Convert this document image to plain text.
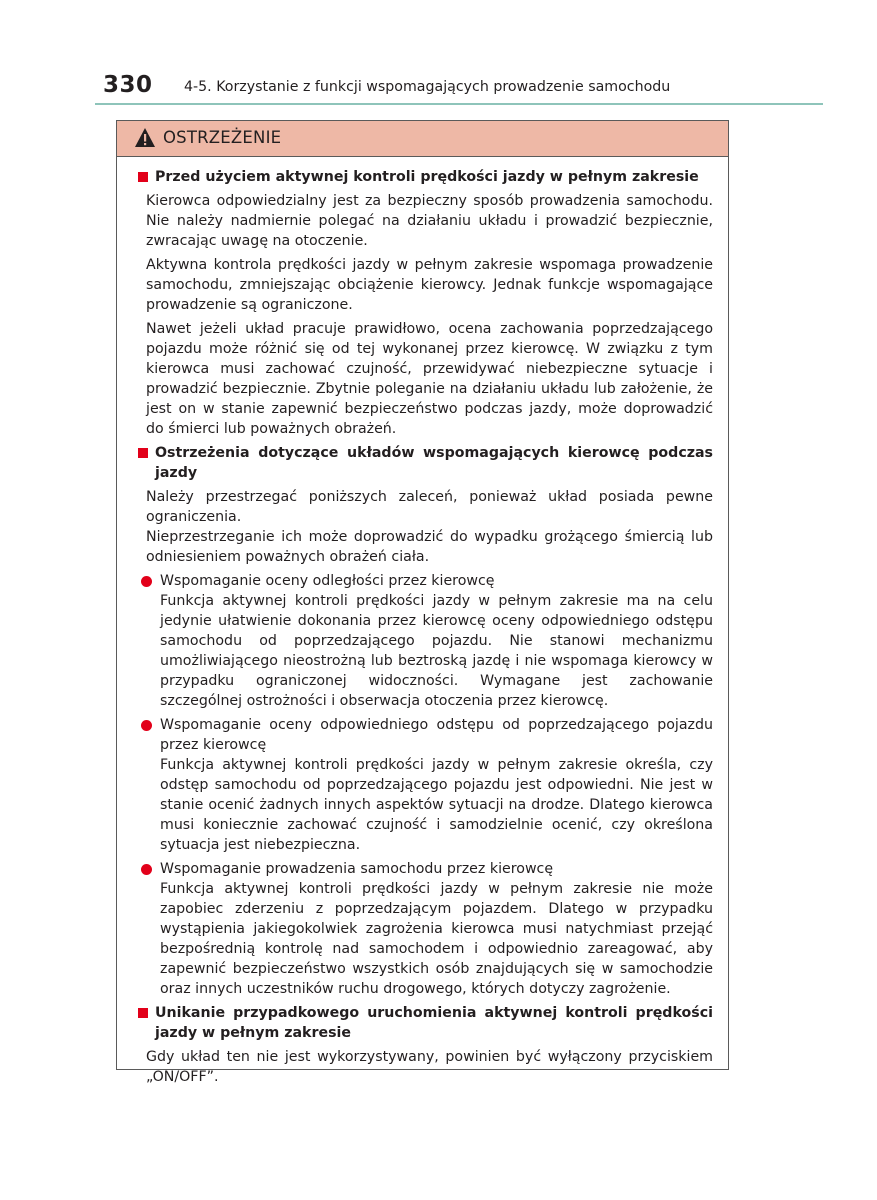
330 4-5. Korzystanie z funkcji wspomagających prowadzenie samochodu
OSTRZEŻENIE
Przed użyciem aktywnej kontroli prędkości jazdy w pełnym zakresie
Kierowca odpowiedzialny jest za bezpieczny sposób prowadzenia samochodu. Nie należy nadmiernie polegać na działaniu układu i prowadzić bezpiecznie, zwracając uwagę na otoczenie.
Aktywna kontrola prędkości jazdy w pełnym zakresie wspomaga prowadzenie samochodu, zmniejszając obciążenie kierowcy. Jednak funkcje wspomagające prowadzenie są ograniczone.
Nawet jeżeli układ pracuje prawidłowo, ocena zachowania poprzedzającego pojazdu może różnić się od tej wykonanej przez kierowcę. W związku z tym kierowca musi zachować czujność, przewidywać niebezpieczne sytuacje i prowadzić bezpiecznie. Zbytnie poleganie na działaniu układu lub założenie, że jest on w stanie zapewnić bezpieczeństwo podczas jazdy, może doprowadzić do śmierci lub poważnych obrażeń.
Ostrzeżenia dotyczące układów wspomagających kierowcę podczas jazdy
Należy przestrzegać poniższych zaleceń, ponieważ układ posiada pewne ograniczenia.
Nieprzestrzeganie ich może doprowadzić do wypadku grożącego śmiercią lub odniesieniem poważnych obrażeń ciała.
Wspomaganie oceny odległości przez kierowcę
Funkcja aktywnej kontroli prędkości jazdy w pełnym zakresie ma na celu jedynie ułatwienie dokonania przez kierowcę oceny odpowiedniego odstępu samochodu od poprzedzającego pojazdu. Nie stanowi mechanizmu umożliwiającego nieostrożną lub beztroską jazdę i nie wspomaga kierowcy w przypadku ograniczonej widoczności. Wymagane jest zachowanie szczególnej ostrożności i obserwacja otoczenia przez kierowcę.
Wspomaganie oceny odpowiedniego odstępu od poprzedzającego pojazdu przez kierowcę
Funkcja aktywnej kontroli prędkości jazdy w pełnym zakresie określa, czy odstęp samochodu od poprzedzającego pojazdu jest odpowiedni. Nie jest w stanie ocenić żadnych innych aspektów sytuacji na drodze. Dlatego kierowca musi koniecznie zachować czujność i samodzielnie ocenić, czy określona sytuacja jest niebezpieczna.
Wspomaganie prowadzenia samochodu przez kierowcę
Funkcja aktywnej kontroli prędkości jazdy w pełnym zakresie nie może zapobiec zderzeniu z poprzedzającym pojazdem. Dlatego w przypadku wystąpienia jakiegokolwiek zagrożenia kierowca musi natychmiast przejąć bezpośrednią kontrolę nad samochodem i odpowiednio zareagować, aby zapewnić bezpieczeństwo wszystkich osób znajdujących się w samochodzie oraz innych uczestników ruchu drogowego, których dotyczy zagrożenie.
Unikanie przypadkowego uruchomienia aktywnej kontroli prędkości jazdy w pełnym zakresie
Gdy układ ten nie jest wykorzystywany, powinien być wyłączony przyciskiem „ON/OFF”.
